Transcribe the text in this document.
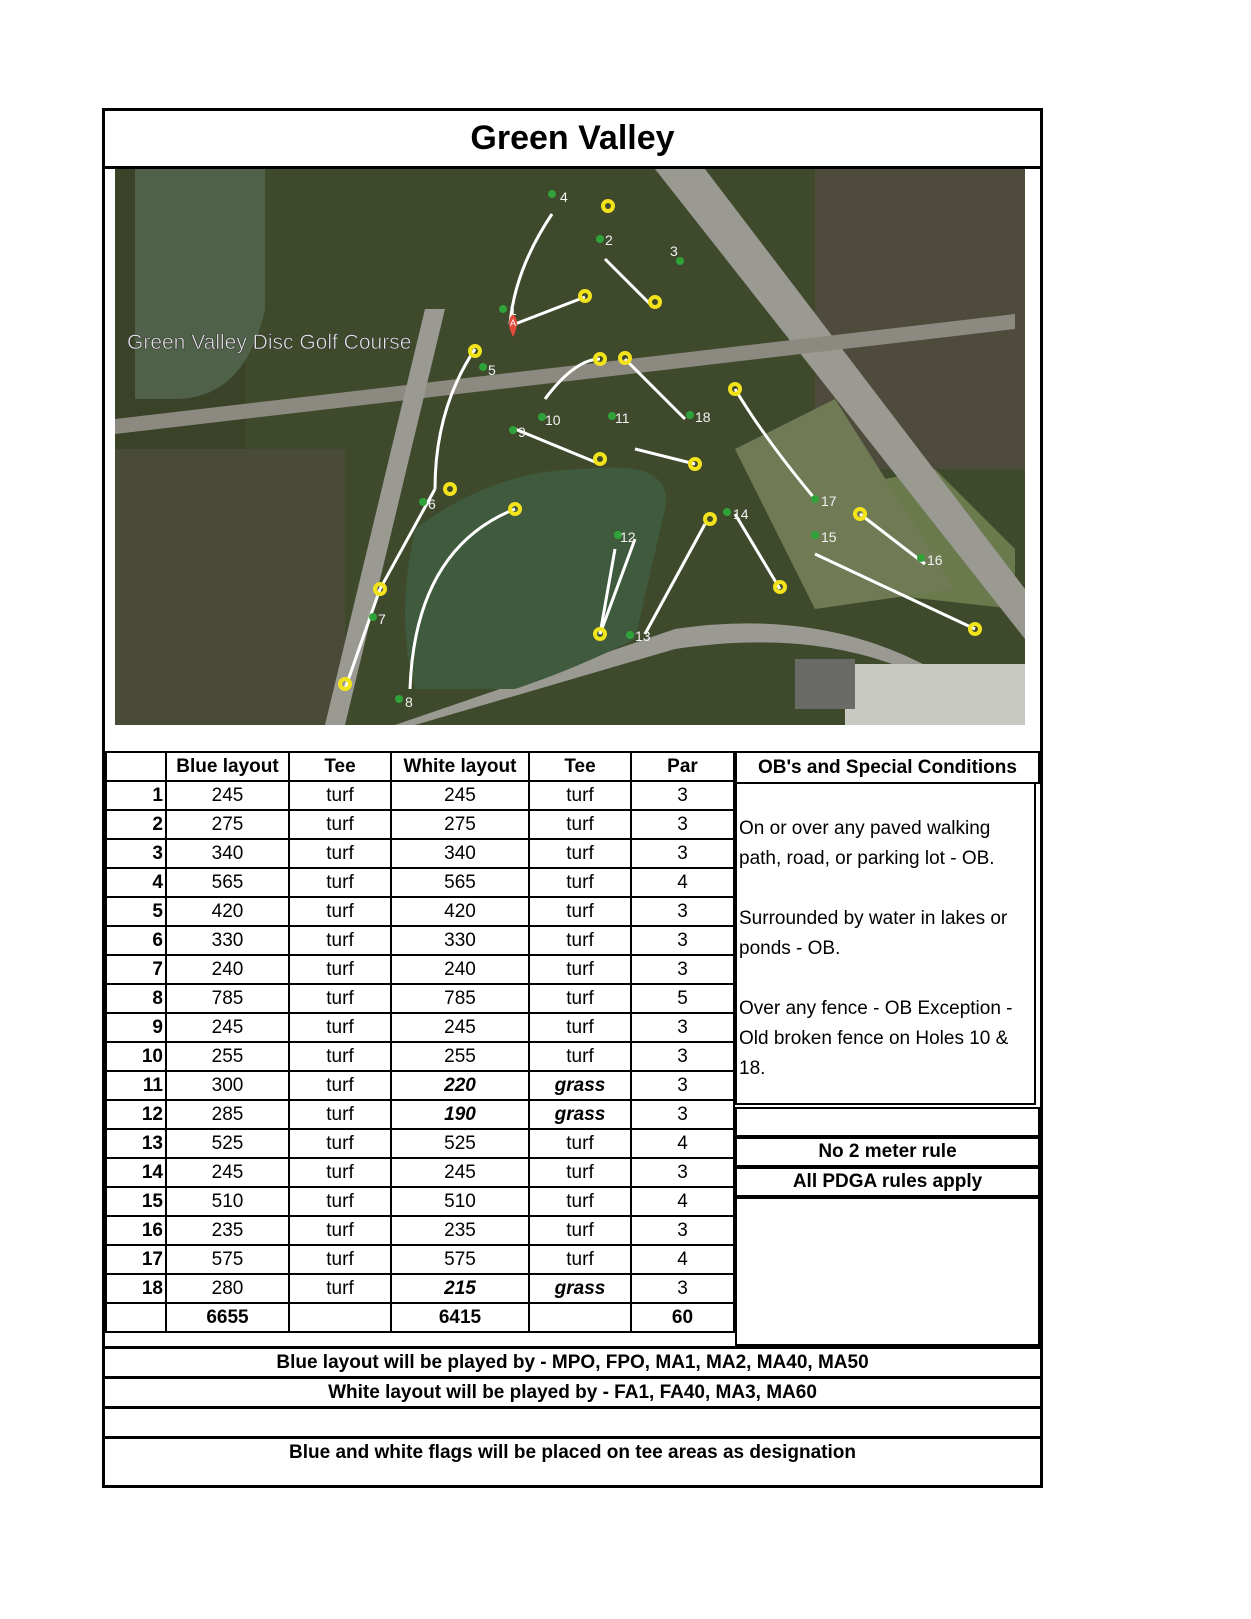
Green Valley
A
Green Valley Disc Golf Course
1
2
3
4
5
6
7
8
9
10	11
12
13
14
15
16
17
18
	Blue layout	Tee	White layout	Tee	Par
1	245	turf	245	turf	3
2	275	turf	275	turf	3
3	340	turf	340	turf	3
4	565	turf	565	turf	4
5	420	turf	420	turf	3
6	330	turf	330	turf	3
7	240	turf	240	turf	3
8	785	turf	785	turf	5
9	245	turf	245	turf	3
10	255	turf	255	turf	3
11	300	turf	220	grass	3
12	285	turf	190	grass	3
13	525	turf	525	turf	4
14	245	turf	245	turf	3
15	510	turf	510	turf	4
16	235	turf	235	turf	3
17	575	turf	575	turf	4
18	280	turf	215	grass	3
	6655		6415		60
OB's and Special Conditions

On or over any paved walking path, road, or parking lot - OB.

Surrounded by water in lakes or ponds - OB.

Over any fence - OB Exception - Old broken fence on Holes 10 & 18.

No 2 meter rule
All PDGA rules apply
Blue layout will be played by - MPO, FPO, MA1, MA2, MA40, MA50
White layout will be played by - FA1, FA40, MA3, MA60
Blue and white flags will be placed on tee areas as designation
